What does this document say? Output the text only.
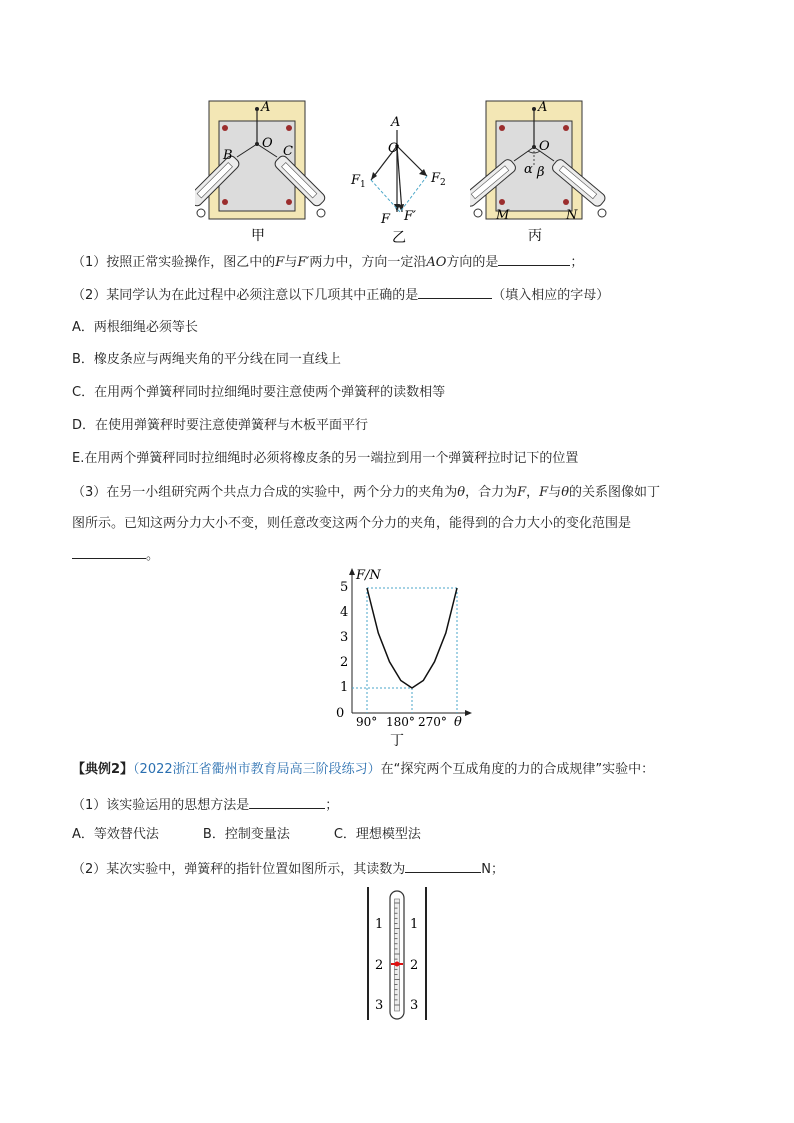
A
O
B	C
甲
A
O
$F_1$	$F_2$
F F′
乙
A
O
α β
M	N
丙
（1）按照正常实验操作，图乙中的F与F′两力中，方向一定沿AO方向的是	；
（2）某同学认为在此过程中必须注意以下几项其中正确的是	（填入相应的字母）
A．两根细绳必须等长
B．橡皮条应与两绳夹角的平分线在同一直线上
C．在用两个弹簧秤同时拉细绳时要注意使两个弹簧秤的读数相等
D．在使用弹簧秤时要注意使弹簧秤与木板平面平行
E.在用两个弹簧秤同时拉细绳时必须将橡皮条的另一端拉到用一个弹簧秤拉时记下的位置
（3）在另一小组研究两个共点力合成的实验中，两个分力的夹角为θ，合力为F，F与θ的关系图像如丁
图所示。已知这两分力大小不变，则任意改变这两个分力的夹角，能得到的合力大小的变化范围是
。
F/N
0
1
2
3
4
5
90° 180° 270° θ
丁
【典例2】（2022浙江省衢州市教育局高三阶段练习）在“探究两个互成角度的力的合成规律”实验中：
（1）该实验运用的思想方法是	；
A．等效替代法	B．控制变量法	C．理想模型法
（2）某次实验中，弹簧秤的指针位置如图所示，其读数为	N；
1
2
3
1
2
3
